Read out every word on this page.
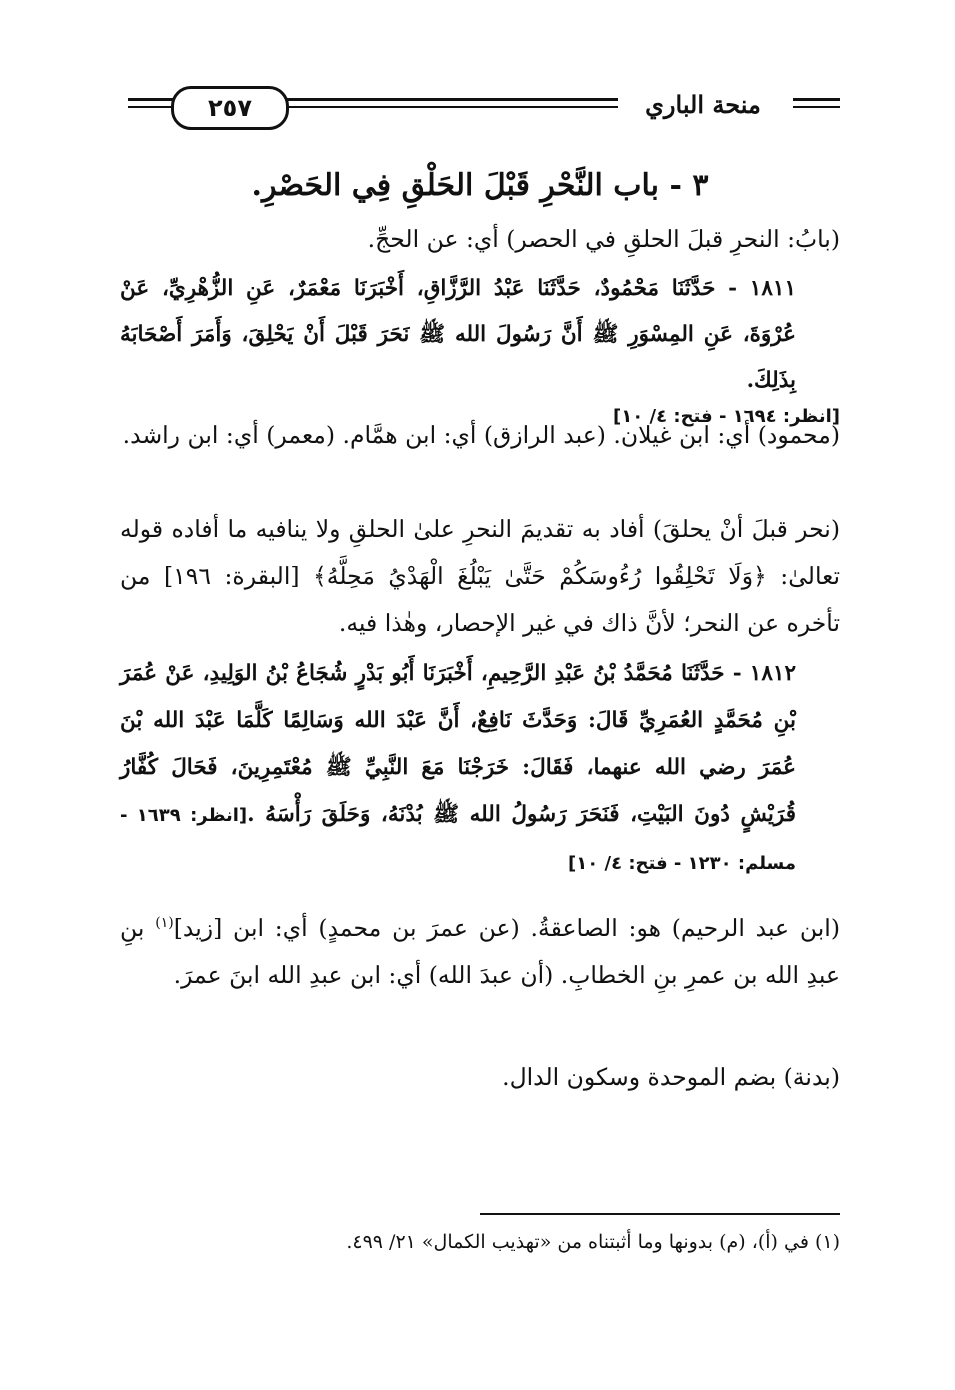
٢٥٧	منحة الباري
٣ - باب النَّحْرِ قَبْلَ الحَلْقِ فِي الحَصْرِ.
(بابُ: النحرِ قبلَ الحلقِ في الحصر) أي: عن الحجِّ.
١٨١١ - حَدَّثَنَا مَحْمُودٌ، حَدَّثَنَا عَبْدُ الرَّزَّاقِ، أَخْبَرَنَا مَعْمَرٌ، عَنِ الزُّهْرِيِّ، عَنْ عُرْوَةَ، عَنِ المِسْوَرِ ﷺ أَنَّ رَسُولَ الله ﷺ نَحَرَ قَبْلَ أَنْ يَحْلِقَ، وَأَمَرَ أَصْحَابَهُ بِذَلِكَ.
[انظر: ١٦٩٤ - فتح: ٤/ ١٠]
(محمود) أي: ابن غيلان. (عبد الرازق) أي: ابن همَّام. (معمر) أي: ابن راشد.
(نحر قبلَ أنْ يحلقَ) أفاد به تقديمَ النحرِ علىٰ الحلقِ ولا ينافيه ما أفاده قوله تعالىٰ: ﴿وَلَا تَحْلِقُوا رُءُوسَكُمْ حَتَّىٰ يَبْلُغَ الْهَدْيُ مَحِلَّهُ﴾ [البقرة: ١٩٦] من تأخره عن النحر؛ لأنَّ ذاك في غير الإحصار، وهٰذا فيه.
١٨١٢ - حَدَّثَنَا مُحَمَّدُ بْنُ عَبْدِ الرَّحِيمِ، أَخْبَرَنَا أَبُو بَدْرٍ شُجَاعُ بْنُ الوَلِيدِ، عَنْ عُمَرَ بْنِ مُحَمَّدٍ العُمَرِيِّ قَالَ: وَحَدَّثَ نَافِعٌ، أَنَّ عَبْدَ الله وَسَالِمًا كَلَّمَا عَبْدَ الله بْنَ عُمَرَ رضي الله عنهما، فَقَالَ: خَرَجْنَا مَعَ النَّبِيِّ ﷺ مُعْتَمِرِينَ، فَحَالَ كُفَّارُ قُرَيْشٍ دُونَ البَيْتِ، فَنَحَرَ رَسُولُ الله ﷺ بُدْنَهُ، وَحَلَقَ رَأْسَهُ .[انظر: ١٦٣٩ - مسلم: ١٢٣٠ - فتح: ٤/ ١٠]
(ابن عبد الرحيم) هو: الصاعقةُ. (عن عمرَ بن محمدٍ) أي: ابن [زيد]$^{(١)}$ بنِ عبدِ الله بن عمرِ بنِ الخطابِ. (أن عبدَ الله) أي: ابن عبدِ الله ابنَ عمرَ.
(بدنة) بضم الموحدة وسكون الدال.
(١) في (أ)، (م) بدونها وما أثبتناه من «تهذيب الكمال» ٢١/ ٤٩٩.
